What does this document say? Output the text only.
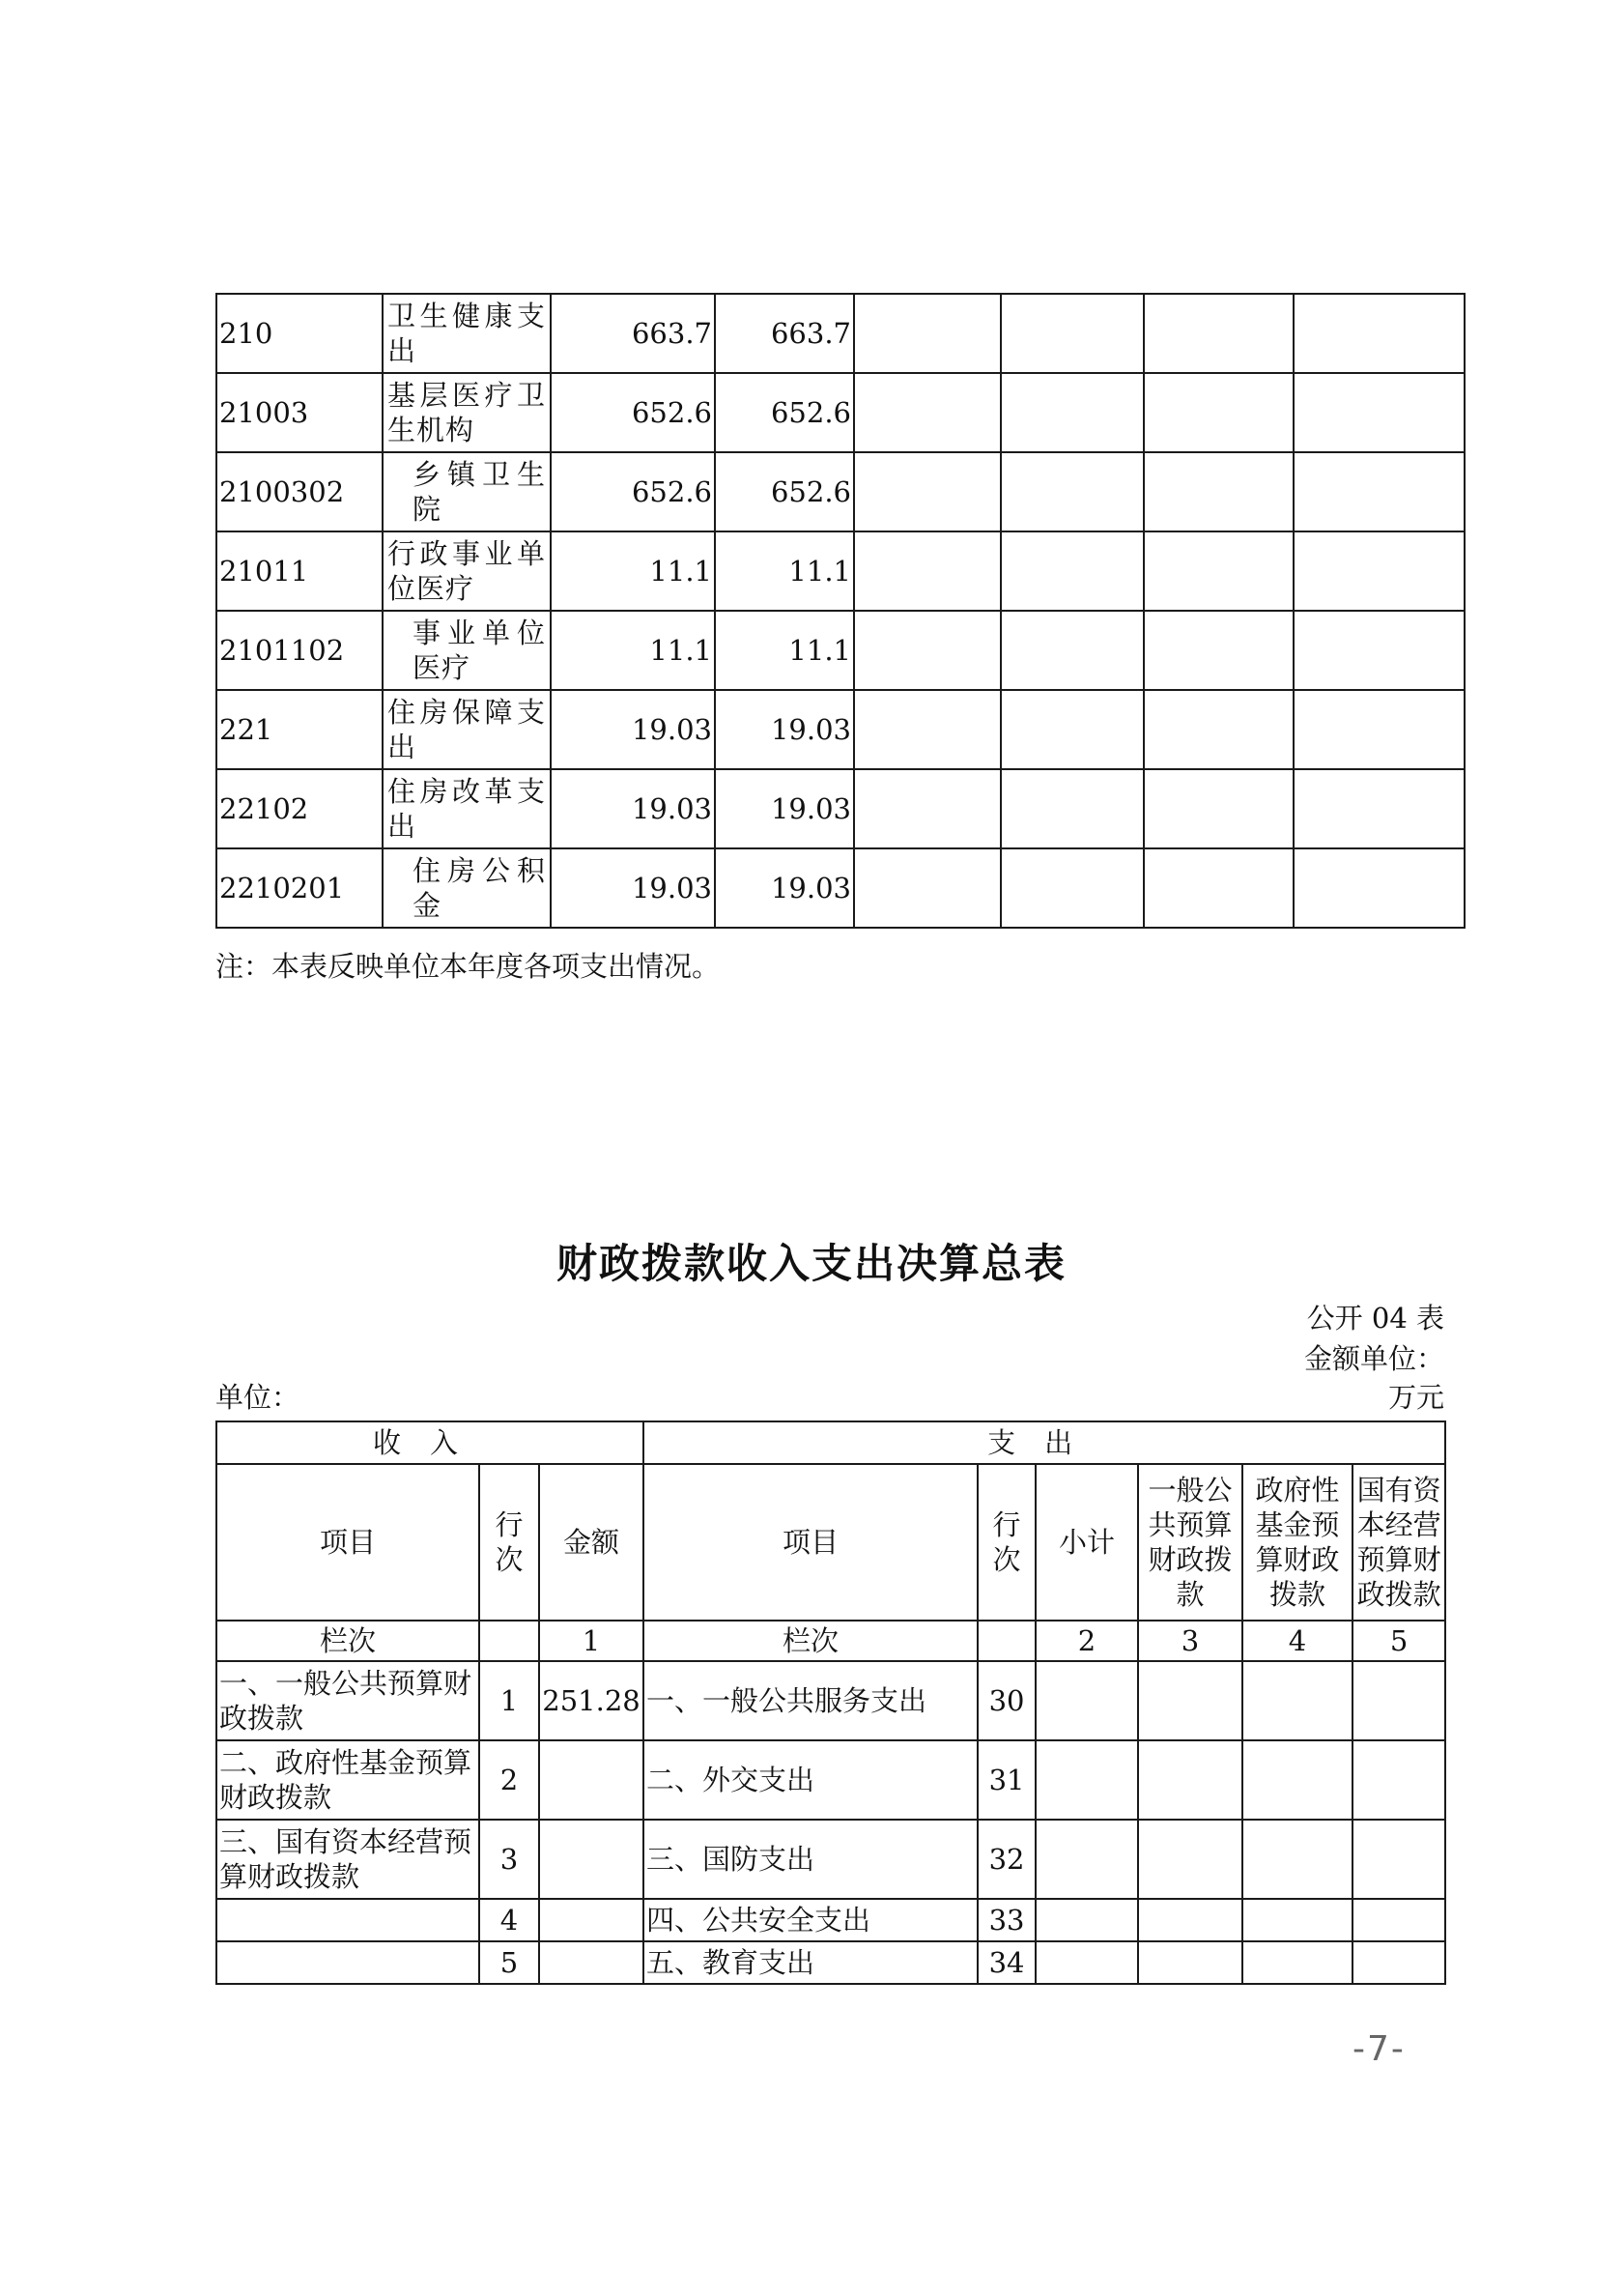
210	卫生健康支出	663.7	663.7				
21003	基层医疗卫生机构	652.6	652.6				
2100302	乡镇卫生院	652.6	652.6				
21011	行政事业单位医疗	11.1	11.1				
2101102	事业单位医疗	11.1	11.1				
221	住房保障支出	19.03	19.03				
22102	住房改革支出	19.03	19.03				
2210201	住房公积金	19.03	19.03				
注：本表反映单位本年度各项支出情况。
财政拨款收入支出决算总表
公开 04 表
金额单位：
万元
单位：
收入			支出					
项目	行次	金额	项目	行次	小计	一般公共预算财政拨款	政府性基金预算财政拨款	国有资本经营预算财政拨款
栏次		1	栏次		2	3	4	5
一、一般公共预算财政拨款	1	251.28	一、一般公共服务支出	30				
二、政府性基金预算财政拨款	2		二、外交支出	31				
三、国有资本经营预算财政拨款	3		三、国防支出	32				
	4		四、公共安全支出	33				
	5		五、教育支出	34				
-7-
